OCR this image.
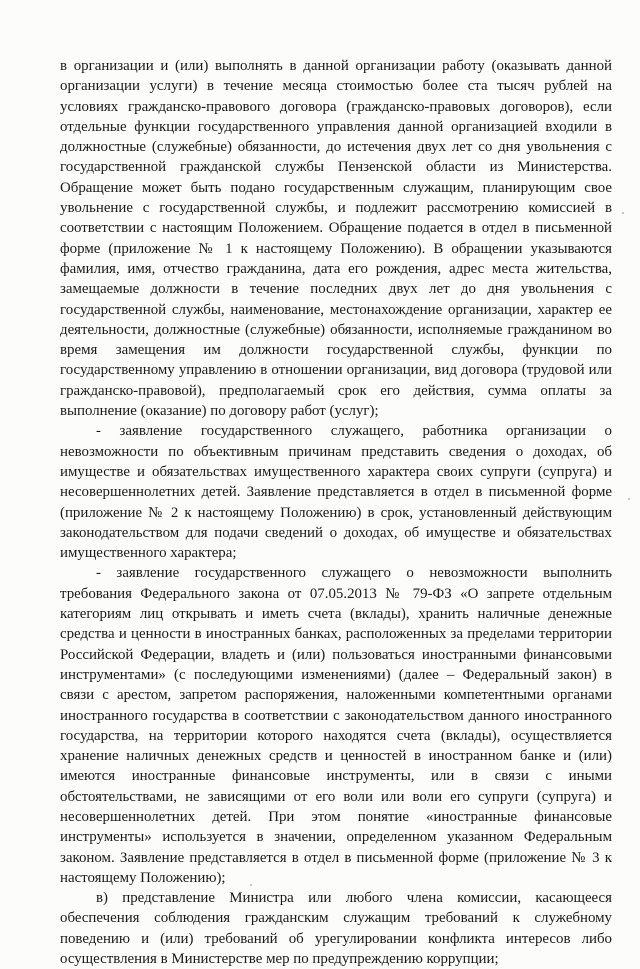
в организации и (или) выполнять в данной организации работу (оказывать данной организации услуги) в течение месяца стоимостью более ста тысяч рублей на условиях гражданско-правового договора (гражданско-правовых договоров), если отдельные функции государственного управления данной организацией входили в должностные (служебные) обязанности, до истечения двух лет со дня увольнения с государственной гражданской службы Пензенской области из Министерства. Обращение может быть подано государственным служащим, планирующим свое увольнение с государственной службы, и подлежит рассмотрению комиссией в соответствии с настоящим Положением. Обращение подается в отдел в письменной форме (приложение № 1 к настоящему Положению). В обращении указываются фамилия, имя, отчество гражданина, дата его рождения, адрес места жительства, замещаемые должности в течение последних двух лет до дня увольнения с государственной службы, наименование, местонахождение организации, характер ее деятельности, должностные (служебные) обязанности, исполняемые гражданином во время замещения им должности государственной службы, функции по государственному управлению в отношении организации, вид договора (трудовой или гражданско-правовой), предполагаемый срок его действия, сумма оплаты за выполнение (оказание) по договору работ (услуг);

- заявление государственного служащего, работника организации о невозможности по объективным причинам представить сведения о доходах, об имуществе и обязательствах имущественного характера своих супруги (супруга) и несовершеннолетних детей. Заявление представляется в отдел в письменной форме (приложение № 2 к настоящему Положению) в срок, установленный действующим законодательством для подачи сведений о доходах, об имуществе и обязательствах имущественного характера;

- заявление государственного служащего о невозможности выполнить требования Федерального закона от 07.05.2013 № 79-ФЗ «О запрете отдельным категориям лиц открывать и иметь счета (вклады), хранить наличные денежные средства и ценности в иностранных банках, расположенных за пределами территории Российской Федерации, владеть и (или) пользоваться иностранными финансовыми инструментами» (с последующими изменениями) (далее – Федеральный закон) в связи с арестом, запретом распоряжения, наложенными компетентными органами иностранного государства в соответствии с законодательством данного иностранного государства, на территории которого находятся счета (вклады), осуществляется хранение наличных денежных средств и ценностей в иностранном банке и (или) имеются иностранные финансовые инструменты, или в связи с иными обстоятельствами, не зависящими от его воли или воли его супруги (супруга) и несовершеннолетних детей. При этом понятие «иностранные финансовые инструменты» используется в значении, определенном указанном Федеральным законом. Заявление представляется в отдел в письменной форме (приложение № 3 к настоящему Положению);

в) представление Министра или любого члена комиссии, касающееся обеспечения соблюдения гражданским служащим требований к служебному поведению и (или) требований об урегулировании конфликта интересов либо осуществления в Министерстве мер по предупреждению коррупции;
